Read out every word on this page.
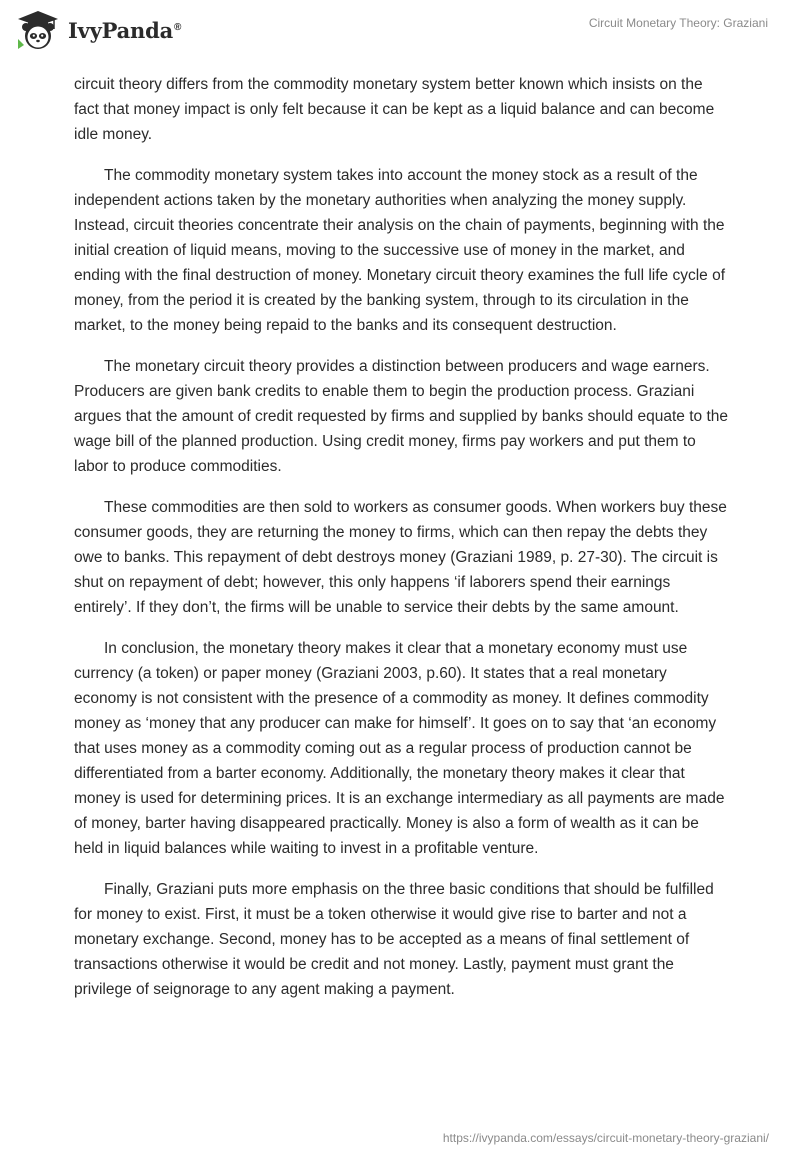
IvyPanda®	Circuit Monetary Theory: Graziani

circuit theory differs from the commodity monetary system better known which insists on the fact that money impact is only felt because it can be kept as a liquid balance and can become idle money.

The commodity monetary system takes into account the money stock as a result of the independent actions taken by the monetary authorities when analyzing the money supply. Instead, circuit theories concentrate their analysis on the chain of payments, beginning with the initial creation of liquid means, moving to the successive use of money in the market, and ending with the final destruction of money. Monetary circuit theory examines the full life cycle of money, from the period it is created by the banking system, through to its circulation in the market, to the money being repaid to the banks and its consequent destruction.

The monetary circuit theory provides a distinction between producers and wage earners. Producers are given bank credits to enable them to begin the production process. Graziani argues that the amount of credit requested by firms and supplied by banks should equate to the wage bill of the planned production. Using credit money, firms pay workers and put them to labor to produce commodities.

These commodities are then sold to workers as consumer goods. When workers buy these consumer goods, they are returning the money to firms, which can then repay the debts they owe to banks. This repayment of debt destroys money (Graziani 1989, p. 27-30). The circuit is shut on repayment of debt; however, this only happens ‘if laborers spend their earnings entirely’. If they don’t, the firms will be unable to service their debts by the same amount.

In conclusion, the monetary theory makes it clear that a monetary economy must use currency (a token) or paper money (Graziani 2003, p.60). It states that a real monetary economy is not consistent with the presence of a commodity as money. It defines commodity money as ‘money that any producer can make for himself’. It goes on to say that ‘an economy that uses money as a commodity coming out as a regular process of production cannot be differentiated from a barter economy. Additionally, the monetary theory makes it clear that money is used for determining prices. It is an exchange intermediary as all payments are made of money, barter having disappeared practically. Money is also a form of wealth as it can be held in liquid balances while waiting to invest in a profitable venture.

Finally, Graziani puts more emphasis on the three basic conditions that should be fulfilled for money to exist. First, it must be a token otherwise it would give rise to barter and not a monetary exchange. Second, money has to be accepted as a means of final settlement of transactions otherwise it would be credit and not money. Lastly, payment must grant the privilege of seignorage to any agent making a payment.

https://ivypanda.com/essays/circuit-monetary-theory-graziani/
